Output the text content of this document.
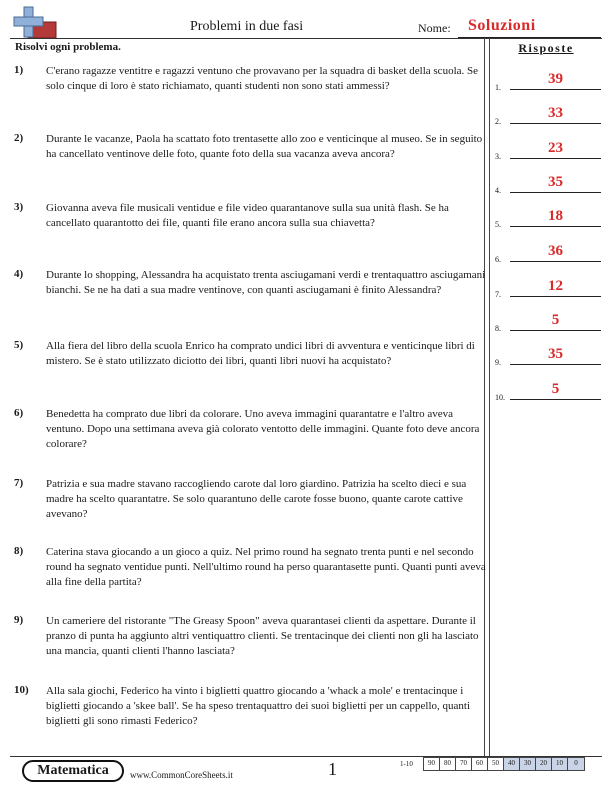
Problemi in due fasi	Nome: Soluzioni
Risolvi ogni problema.	Risposte
1)	C'erano ragazze ventitre e ragazzi ventuno che provavano per la squadra di basket della scuola. Se solo cinque di loro è stato richiamato, quanti studenti non sono stati ammessi?
2)	Durante le vacanze, Paola ha scattato foto trentasette allo zoo e venticinque al museo. Se in seguito ha cancellato ventinove delle foto, quante foto della sua vacanza aveva ancora?
3)	Giovanna aveva file musicali ventidue e file video quarantanove sulla sua unità flash. Se ha cancellato quarantotto dei file, quanti file erano ancora sulla sua chiavetta?
4)	Durante lo shopping, Alessandra ha acquistato trenta asciugamani verdi e trentaquattro asciugamani bianchi. Se ne ha dati a sua madre ventinove, con quanti asciugamani è finito Alessandra?
5)	Alla fiera del libro della scuola Enrico ha comprato undici libri di avventura e venticinque libri di mistero. Se è stato utilizzato diciotto dei libri, quanti libri nuovi ha acquistato?
6)	Benedetta ha comprato due libri da colorare. Uno aveva immagini quarantatre e l'altro aveva ventuno. Dopo una settimana aveva già colorato ventotto delle immagini. Quante foto deve ancora colorare?
7)	Patrizia e sua madre stavano raccogliendo carote dal loro giardino. Patrizia ha scelto dieci e sua madre ha scelto quarantatre. Se solo quarantuno delle carote fosse buono, quante carote cattive avevano?
8)	Caterina stava giocando a un gioco a quiz. Nel primo round ha segnato trenta punti e nel secondo round ha segnato ventidue punti. Nell'ultimo round ha perso quarantasette punti. Quanti punti aveva alla fine della partita?
9)	Un cameriere del ristorante "The Greasy Spoon" aveva quarantasei clienti da aspettare. Durante il pranzo di punta ha aggiunto altri ventiquattro clienti. Se trentacinque dei clienti non gli ha lasciato una mancia, quanti clienti l'hanno lasciata?
10)	Alla sala giochi, Federico ha vinto i biglietti quattro giocando a 'whack a mole' e trentacinque i biglietti giocando a 'skee ball'. Se ha speso trentaquattro dei suoi biglietti per un cappello, quanti biglietti gli sono rimasti Federico?
1.
39
2.
33
3.
23
4.
35
5.
18
6.
36
7.
12
8.
5
9.
35
10.
5
Matematica	www.CommonCoreSheets.it	1	1-10	90	80	70	60	50	40	30	20	10	0
